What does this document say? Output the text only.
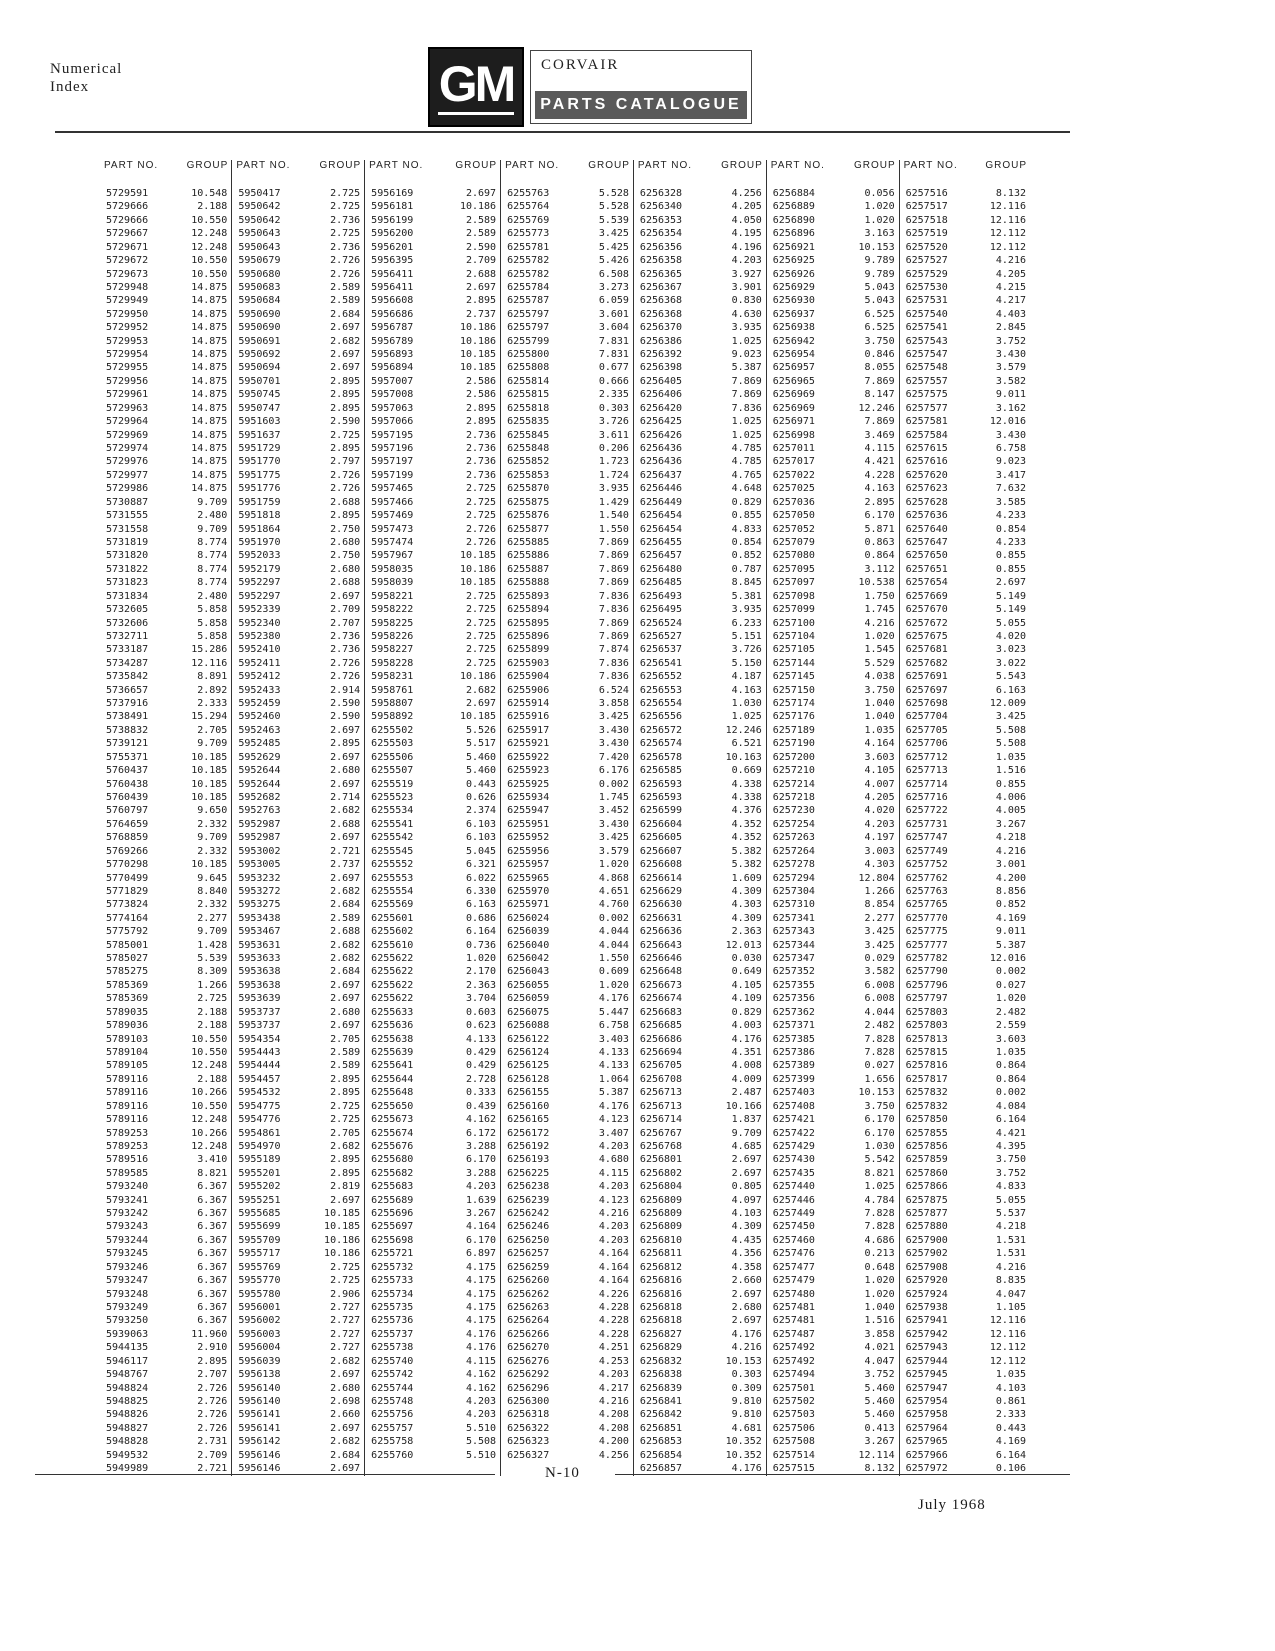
Numerical
Index	GM	CORVAIR
PARTS CATALOGUE
PART NO.	GROUP	PART NO.	GROUP	PART NO.	GROUP	PART NO.	GROUP	PART NO.	GROUP	PART NO.	GROUP	PART NO.	GROUP
5729591	10.548	5950417	2.725	5956169	2.697	6255763	5.528	6256328	4.256	6256884	0.056	6257516	8.132
5729666	2.188	5950642	2.725	5956181	10.186	6255764	5.528	6256340	4.205	6256889	1.020	6257517	12.116
5729666	10.550	5950642	2.736	5956199	2.589	6255769	5.539	6256353	4.050	6256890	1.020	6257518	12.116
5729667	12.248	5950643	2.725	5956200	2.589	6255773	3.425	6256354	4.195	6256896	3.163	6257519	12.112
5729671	12.248	5950643	2.736	5956201	2.590	6255781	5.425	6256356	4.196	6256921	10.153	6257520	12.112
5729672	10.550	5950679	2.726	5956395	2.709	6255782	5.426	6256358	4.203	6256925	9.789	6257527	4.216
5729673	10.550	5950680	2.726	5956411	2.688	6255782	6.508	6256365	3.927	6256926	9.789	6257529	4.205
5729948	14.875	5950683	2.589	5956411	2.697	6255784	3.273	6256367	3.901	6256929	5.043	6257530	4.215
5729949	14.875	5950684	2.589	5956608	2.895	6255787	6.059	6256368	0.830	6256930	5.043	6257531	4.217
5729950	14.875	5950690	2.684	5956686	2.737	6255797	3.601	6256368	4.630	6256937	6.525	6257540	4.403
5729952	14.875	5950690	2.697	5956787	10.186	6255797	3.604	6256370	3.935	6256938	6.525	6257541	2.845
5729953	14.875	5950691	2.682	5956789	10.186	6255799	7.831	6256386	1.025	6256942	3.750	6257543	3.752
5729954	14.875	5950692	2.697	5956893	10.185	6255800	7.831	6256392	9.023	6256954	0.846	6257547	3.430
5729955	14.875	5950694	2.697	5956894	10.185	6255808	0.677	6256398	5.387	6256957	8.055	6257548	3.579
5729956	14.875	5950701	2.895	5957007	2.586	6255814	0.666	6256405	7.869	6256965	7.869	6257557	3.582
5729961	14.875	5950745	2.895	5957008	2.586	6255815	2.335	6256406	7.869	6256969	8.147	6257575	9.011
5729963	14.875	5950747	2.895	5957063	2.895	6255818	0.303	6256420	7.836	6256969	12.246	6257577	3.162
5729964	14.875	5951603	2.590	5957066	2.895	6255835	3.726	6256425	1.025	6256971	7.869	6257581	12.016
5729969	14.875	5951637	2.725	5957195	2.736	6255845	3.611	6256426	1.025	6256998	3.469	6257584	3.430
5729974	14.875	5951729	2.895	5957196	2.736	6255848	0.206	6256436	4.785	6257011	4.115	6257615	6.758
5729976	14.875	5951770	2.797	5957197	2.736	6255852	1.723	6256436	4.785	6257017	4.421	6257616	9.023
5729977	14.875	5951775	2.726	5957199	2.736	6255853	1.724	6256437	4.765	6257022	4.228	6257620	3.417
5729986	14.875	5951776	2.726	5957465	2.725	6255870	3.935	6256446	4.648	6257025	4.163	6257623	7.632
5730887	9.709	5951759	2.688	5957466	2.725	6255875	1.429	6256449	0.829	6257036	2.895	6257628	3.585
5731555	2.480	5951818	2.895	5957469	2.725	6255876	1.540	6256454	0.855	6257050	6.170	6257636	4.233
5731558	9.709	5951864	2.750	5957473	2.726	6255877	1.550	6256454	4.833	6257052	5.871	6257640	0.854
5731819	8.774	5951970	2.680	5957474	2.726	6255885	7.869	6256455	0.854	6257079	0.863	6257647	4.233
5731820	8.774	5952033	2.750	5957967	10.185	6255886	7.869	6256457	0.852	6257080	0.864	6257650	0.855
5731822	8.774	5952179	2.680	5958035	10.186	6255887	7.869	6256480	0.787	6257095	3.112	6257651	0.855
5731823	8.774	5952297	2.688	5958039	10.185	6255888	7.869	6256485	8.845	6257097	10.538	6257654	2.697
5731834	2.480	5952297	2.697	5958221	2.725	6255893	7.836	6256493	5.381	6257098	1.750	6257669	5.149
5732605	5.858	5952339	2.709	5958222	2.725	6255894	7.836	6256495	3.935	6257099	1.745	6257670	5.149
5732606	5.858	5952340	2.707	5958225	2.725	6255895	7.869	6256524	6.233	6257100	4.216	6257672	5.055
5732711	5.858	5952380	2.736	5958226	2.725	6255896	7.869	6256527	5.151	6257104	1.020	6257675	4.020
5733187	15.286	5952410	2.736	5958227	2.725	6255899	7.874	6256537	3.726	6257105	1.545	6257681	3.023
5734287	12.116	5952411	2.726	5958228	2.725	6255903	7.836	6256541	5.150	6257144	5.529	6257682	3.022
5735842	8.891	5952412	2.726	5958231	10.186	6255904	7.836	6256552	4.187	6257145	4.038	6257691	5.543
5736657	2.892	5952433	2.914	5958761	2.682	6255906	6.524	6256553	4.163	6257150	3.750	6257697	6.163
5737916	2.333	5952459	2.590	5958807	2.697	6255914	3.858	6256554	1.030	6257174	1.040	6257698	12.009
5738491	15.294	5952460	2.590	5958892	10.185	6255916	3.425	6256556	1.025	6257176	1.040	6257704	3.425
5738832	2.705	5952463	2.697	6255502	5.526	6255917	3.430	6256572	12.246	6257189	1.035	6257705	5.508
5739121	9.709	5952485	2.895	6255503	5.517	6255921	3.430	6256574	6.521	6257190	4.164	6257706	5.508
5755371	10.185	5952629	2.697	6255506	5.460	6255922	7.420	6256578	10.163	6257200	3.603	6257712	1.035
5760437	10.185	5952644	2.680	6255507	5.460	6255923	6.176	6256585	0.669	6257210	4.105	6257713	1.516
5760438	10.185	5952644	2.697	6255519	0.443	6255925	0.002	6256593	4.338	6257214	4.007	6257714	0.855
5760439	10.185	5952682	2.714	6255523	0.626	6255934	1.745	6256593	4.338	6257218	4.205	6257716	4.006
5760797	9.650	5952763	2.682	6255534	2.374	6255947	3.452	6256599	4.376	6257230	4.020	6257722	4.005
5764659	2.332	5952987	2.688	6255541	6.103	6255951	3.430	6256604	4.352	6257254	4.203	6257731	3.267
5768859	9.709	5952987	2.697	6255542	6.103	6255952	3.425	6256605	4.352	6257263	4.197	6257747	4.218
5769266	2.332	5953002	2.721	6255545	5.045	6255956	3.579	6256607	5.382	6257264	3.003	6257749	4.216
5770298	10.185	5953005	2.737	6255552	6.321	6255957	1.020	6256608	5.382	6257278	4.303	6257752	3.001
5770499	9.645	5953232	2.697	6255553	6.022	6255965	4.868	6256614	1.609	6257294	12.804	6257762	4.200
5771829	8.840	5953272	2.682	6255554	6.330	6255970	4.651	6256629	4.309	6257304	1.266	6257763	8.856
5773824	2.332	5953275	2.684	6255569	6.163	6255971	4.760	6256630	4.303	6257310	8.854	6257765	0.852
5774164	2.277	5953438	2.589	6255601	0.686	6256024	0.002	6256631	4.309	6257341	2.277	6257770	4.169
5775792	9.709	5953467	2.688	6255602	6.164	6256039	4.044	6256636	2.363	6257343	3.425	6257775	9.011
5785001	1.428	5953631	2.682	6255610	0.736	6256040	4.044	6256643	12.013	6257344	3.425	6257777	5.387
5785027	5.539	5953633	2.682	6255622	1.020	6256042	1.550	6256646	0.030	6257347	0.029	6257782	12.016
5785275	8.309	5953638	2.684	6255622	2.170	6256043	0.609	6256648	0.649	6257352	3.582	6257790	0.002
5785369	1.266	5953638	2.697	6255622	2.363	6256055	1.020	6256673	4.105	6257355	6.008	6257796	0.027
5785369	2.725	5953639	2.697	6255622	3.704	6256059	4.176	6256674	4.109	6257356	6.008	6257797	1.020
5789035	2.188	5953737	2.680	6255633	0.603	6256075	5.447	6256683	0.829	6257362	4.044	6257803	2.482
5789036	2.188	5953737	2.697	6255636	0.623	6256088	6.758	6256685	4.003	6257371	2.482	6257803	2.559
5789103	10.550	5954354	2.705	6255638	4.133	6256122	3.403	6256686	4.176	6257385	7.828	6257813	3.603
5789104	10.550	5954443	2.589	6255639	0.429	6256124	4.133	6256694	4.351	6257386	7.828	6257815	1.035
5789105	12.248	5954444	2.589	6255641	0.429	6256125	4.133	6256705	4.008	6257389	0.027	6257816	0.864
5789116	2.188	5954457	2.895	6255644	2.728	6256128	1.064	6256708	4.009	6257399	1.656	6257817	0.864
5789116	10.266	5954532	2.895	6255648	0.333	6256155	5.387	6256713	2.487	6257403	10.153	6257832	0.002
5789116	10.550	5954775	2.725	6255650	0.439	6256160	4.176	6256713	10.166	6257408	3.750	6257832	4.084
5789116	12.248	5954776	2.725	6255673	4.162	6256165	4.123	6256714	1.837	6257421	6.170	6257850	6.164
5789253	10.266	5954861	2.705	6255674	6.172	6256172	3.407	6256767	9.709	6257422	6.170	6257855	4.421
5789253	12.248	5954970	2.682	6255676	3.288	6256192	4.203	6256768	4.685	6257429	1.030	6257856	4.395
5789516	3.410	5955189	2.895	6255680	6.170	6256193	4.680	6256801	2.697	6257430	5.542	6257859	3.750
5789585	8.821	5955201	2.895	6255682	3.288	6256225	4.115	6256802	2.697	6257435	8.821	6257860	3.752
5793240	6.367	5955202	2.819	6255683	4.203	6256238	4.203	6256804	0.805	6257440	1.025	6257866	4.833
5793241	6.367	5955251	2.697	6255689	1.639	6256239	4.123	6256809	4.097	6257446	4.784	6257875	5.055
5793242	6.367	5955685	10.185	6255696	3.267	6256242	4.216	6256809	4.103	6257449	7.828	6257877	5.537
5793243	6.367	5955699	10.185	6255697	4.164	6256246	4.203	6256809	4.309	6257450	7.828	6257880	4.218
5793244	6.367	5955709	10.186	6255698	6.170	6256250	4.203	6256810	4.435	6257460	4.686	6257900	1.531
5793245	6.367	5955717	10.186	6255721	6.897	6256257	4.164	6256811	4.356	6257476	0.213	6257902	1.531
5793246	6.367	5955769	2.725	6255732	4.175	6256259	4.164	6256812	4.358	6257477	0.648	6257908	4.216
5793247	6.367	5955770	2.725	6255733	4.175	6256260	4.164	6256816	2.660	6257479	1.020	6257920	8.835
5793248	6.367	5955780	2.906	6255734	4.175	6256262	4.226	6256816	2.697	6257480	1.020	6257924	4.047
5793249	6.367	5956001	2.727	6255735	4.175	6256263	4.228	6256818	2.680	6257481	1.040	6257938	1.105
5793250	6.367	5956002	2.727	6255736	4.175	6256264	4.228	6256818	2.697	6257481	1.516	6257941	12.116
5939063	11.960	5956003	2.727	6255737	4.176	6256266	4.228	6256827	4.176	6257487	3.858	6257942	12.116
5944135	2.910	5956004	2.727	6255738	4.176	6256270	4.251	6256829	4.216	6257492	4.021	6257943	12.112
5946117	2.895	5956039	2.682	6255740	4.115	6256276	4.253	6256832	10.153	6257492	4.047	6257944	12.112
5948767	2.707	5956138	2.697	6255742	4.162	6256292	4.203	6256838	0.303	6257494	3.752	6257945	1.035
5948824	2.726	5956140	2.680	6255744	4.162	6256296	4.217	6256839	0.309	6257501	5.460	6257947	4.103
5948825	2.726	5956140	2.698	6255748	4.203	6256300	4.216	6256841	9.810	6257502	5.460	6257954	0.861
5948826	2.726	5956141	2.660	6255756	4.203	6256318	4.208	6256842	9.810	6257503	5.460	6257958	2.333
5948827	2.726	5956141	2.697	6255757	5.510	6256322	4.208	6256851	4.681	6257506	0.413	6257964	0.443
5948828	2.731	5956142	2.682	6255758	5.508	6256323	4.200	6256853	10.352	6257508	3.267	6257965	4.169
5949532	2.709	5956146	2.684	6255760	5.510	6256327	4.256	6256854	10.352	6257514	12.114	6257966	6.164
5949989	2.721	5956146	2.697					6256857	4.176	6257515	8.132	6257972	0.106
N-10
July 1968
